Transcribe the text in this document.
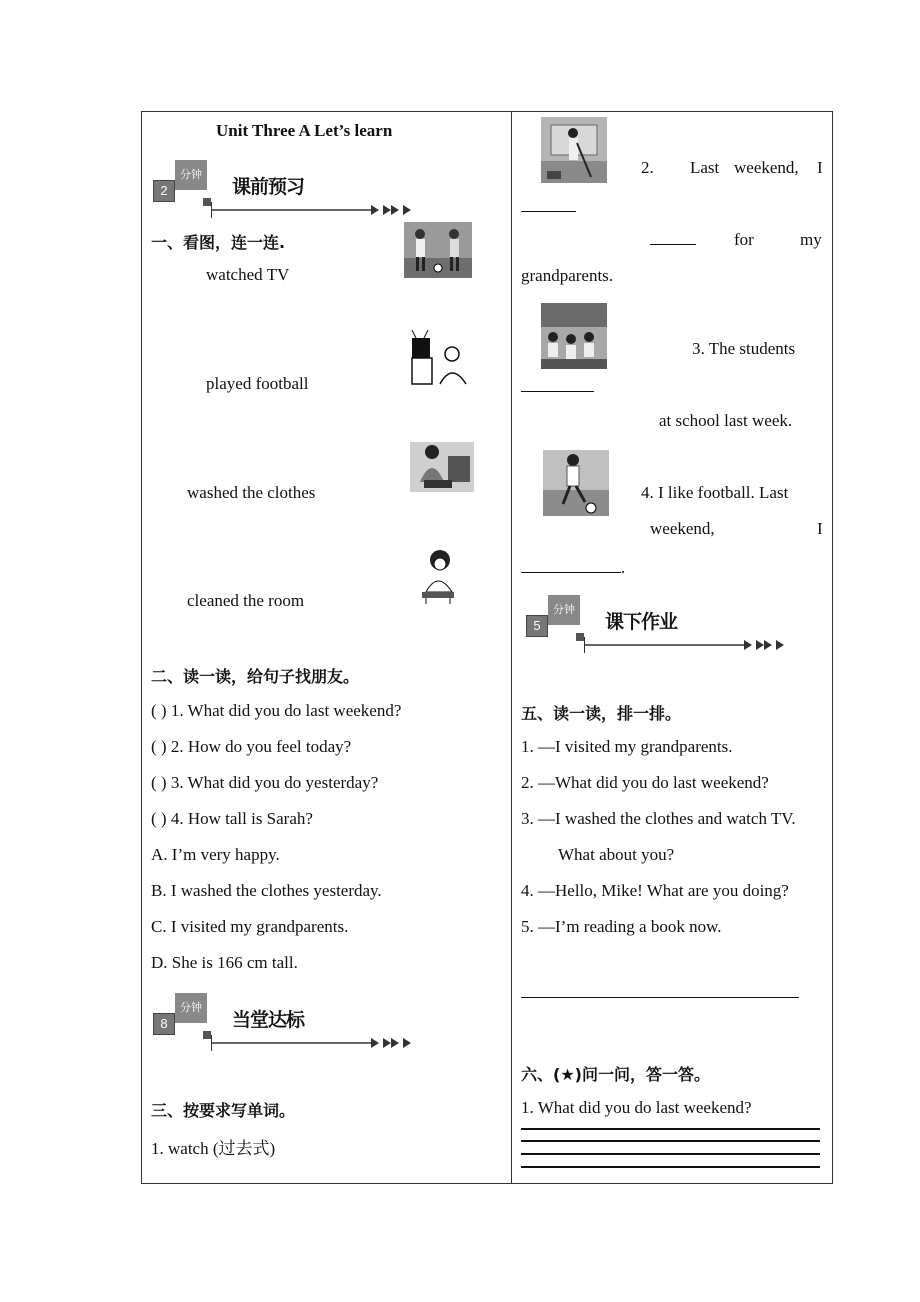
Unit Three A Let’s learn
分钟
2	课前预习
一、看图，连一连.
watched TV
played football
washed the clothes
cleaned the room
二、读一读，给句子找朋友。
( ) 1. What did you do last weekend?
( ) 2. How do you feel today?
( ) 3. What did you do yesterday?
( ) 4. How tall is Sarah?
A. I’m very happy.
B. I washed the clothes yesterday.
C. I visited my grandparents.
D. She is 166 cm tall.
分钟
8	当堂达标
三、按要求写单词。
1. watch (过去式)
2. Last weekend, I
for	my
grandparents.
3. The students
at school last week.
4. I like football. Last
weekend,	I
.
分钟
5	课下作业
五、读一读，排一排。
1. —I visited my grandparents.
2. —What did you do last weekend?
3. —I washed the clothes and watch TV.
What about you?
4. —Hello, Mike! What are you doing?
5. —I’m reading a book now.
六、(★)问一问，答一答。
1. What did you do last weekend?
